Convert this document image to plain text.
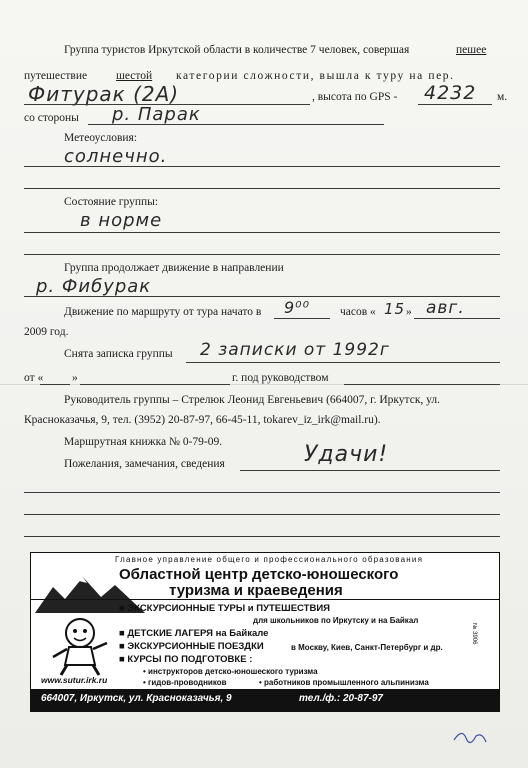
Группа туристов Иркутской области в количестве 7 человек, совершая	пешее
путешествие	шестой категории сложности, вышла к туру на пер.
Фитурак (2А)	, высота по GPS - 4232 м.
со стороны р. Парак
Метеоусловия:
солнечно.
Состояние группы:
в норме
Группа продолжает движение в направлении
р. Фибурак
Движение по маршруту от тура начато в 9⁰⁰	часов « 15 » авг.
2009 год.
Снята записка группы 2 записки от 1992г
от «	»	г. под руководством
Руководитель группы – Стрелюк Леонид Евгеньевич (664007, г. Иркутск, ул.
Красноказачья, 9, тел. (3952) 20-87-97, 66-45-11, tokarev_iz_irk@mail.ru).
Маршрутная книжка № 0-79-09.
Пожелания, замечания, сведения	Удачи!
Главное управление общего и профессионального образования
Областной центр детско-юношеского
туризма и краеведения
■ ЭКСКУРСИОННЫЕ ТУРЫ и ПУТЕШЕСТВИЯ
для школьников по Иркутску и на Байкал
■ ДЕТСКИЕ ЛАГЕРЯ на Байкале
■ ЭКСКУРСИОННЫЕ ПОЕЗДКИ	в Москву, Киев, Санкт-Петербург и др.
■ КУРСЫ ПО ПОДГОТОВКЕ :
• инструкторов детско-юношеского туризма
• гидов-проводников	• работников промышленного альпинизма
www.sutur.irk.ru
№ 3906
664007, Иркутск, ул. Красноказачья, 9	тел./ф.: 20-87-97
